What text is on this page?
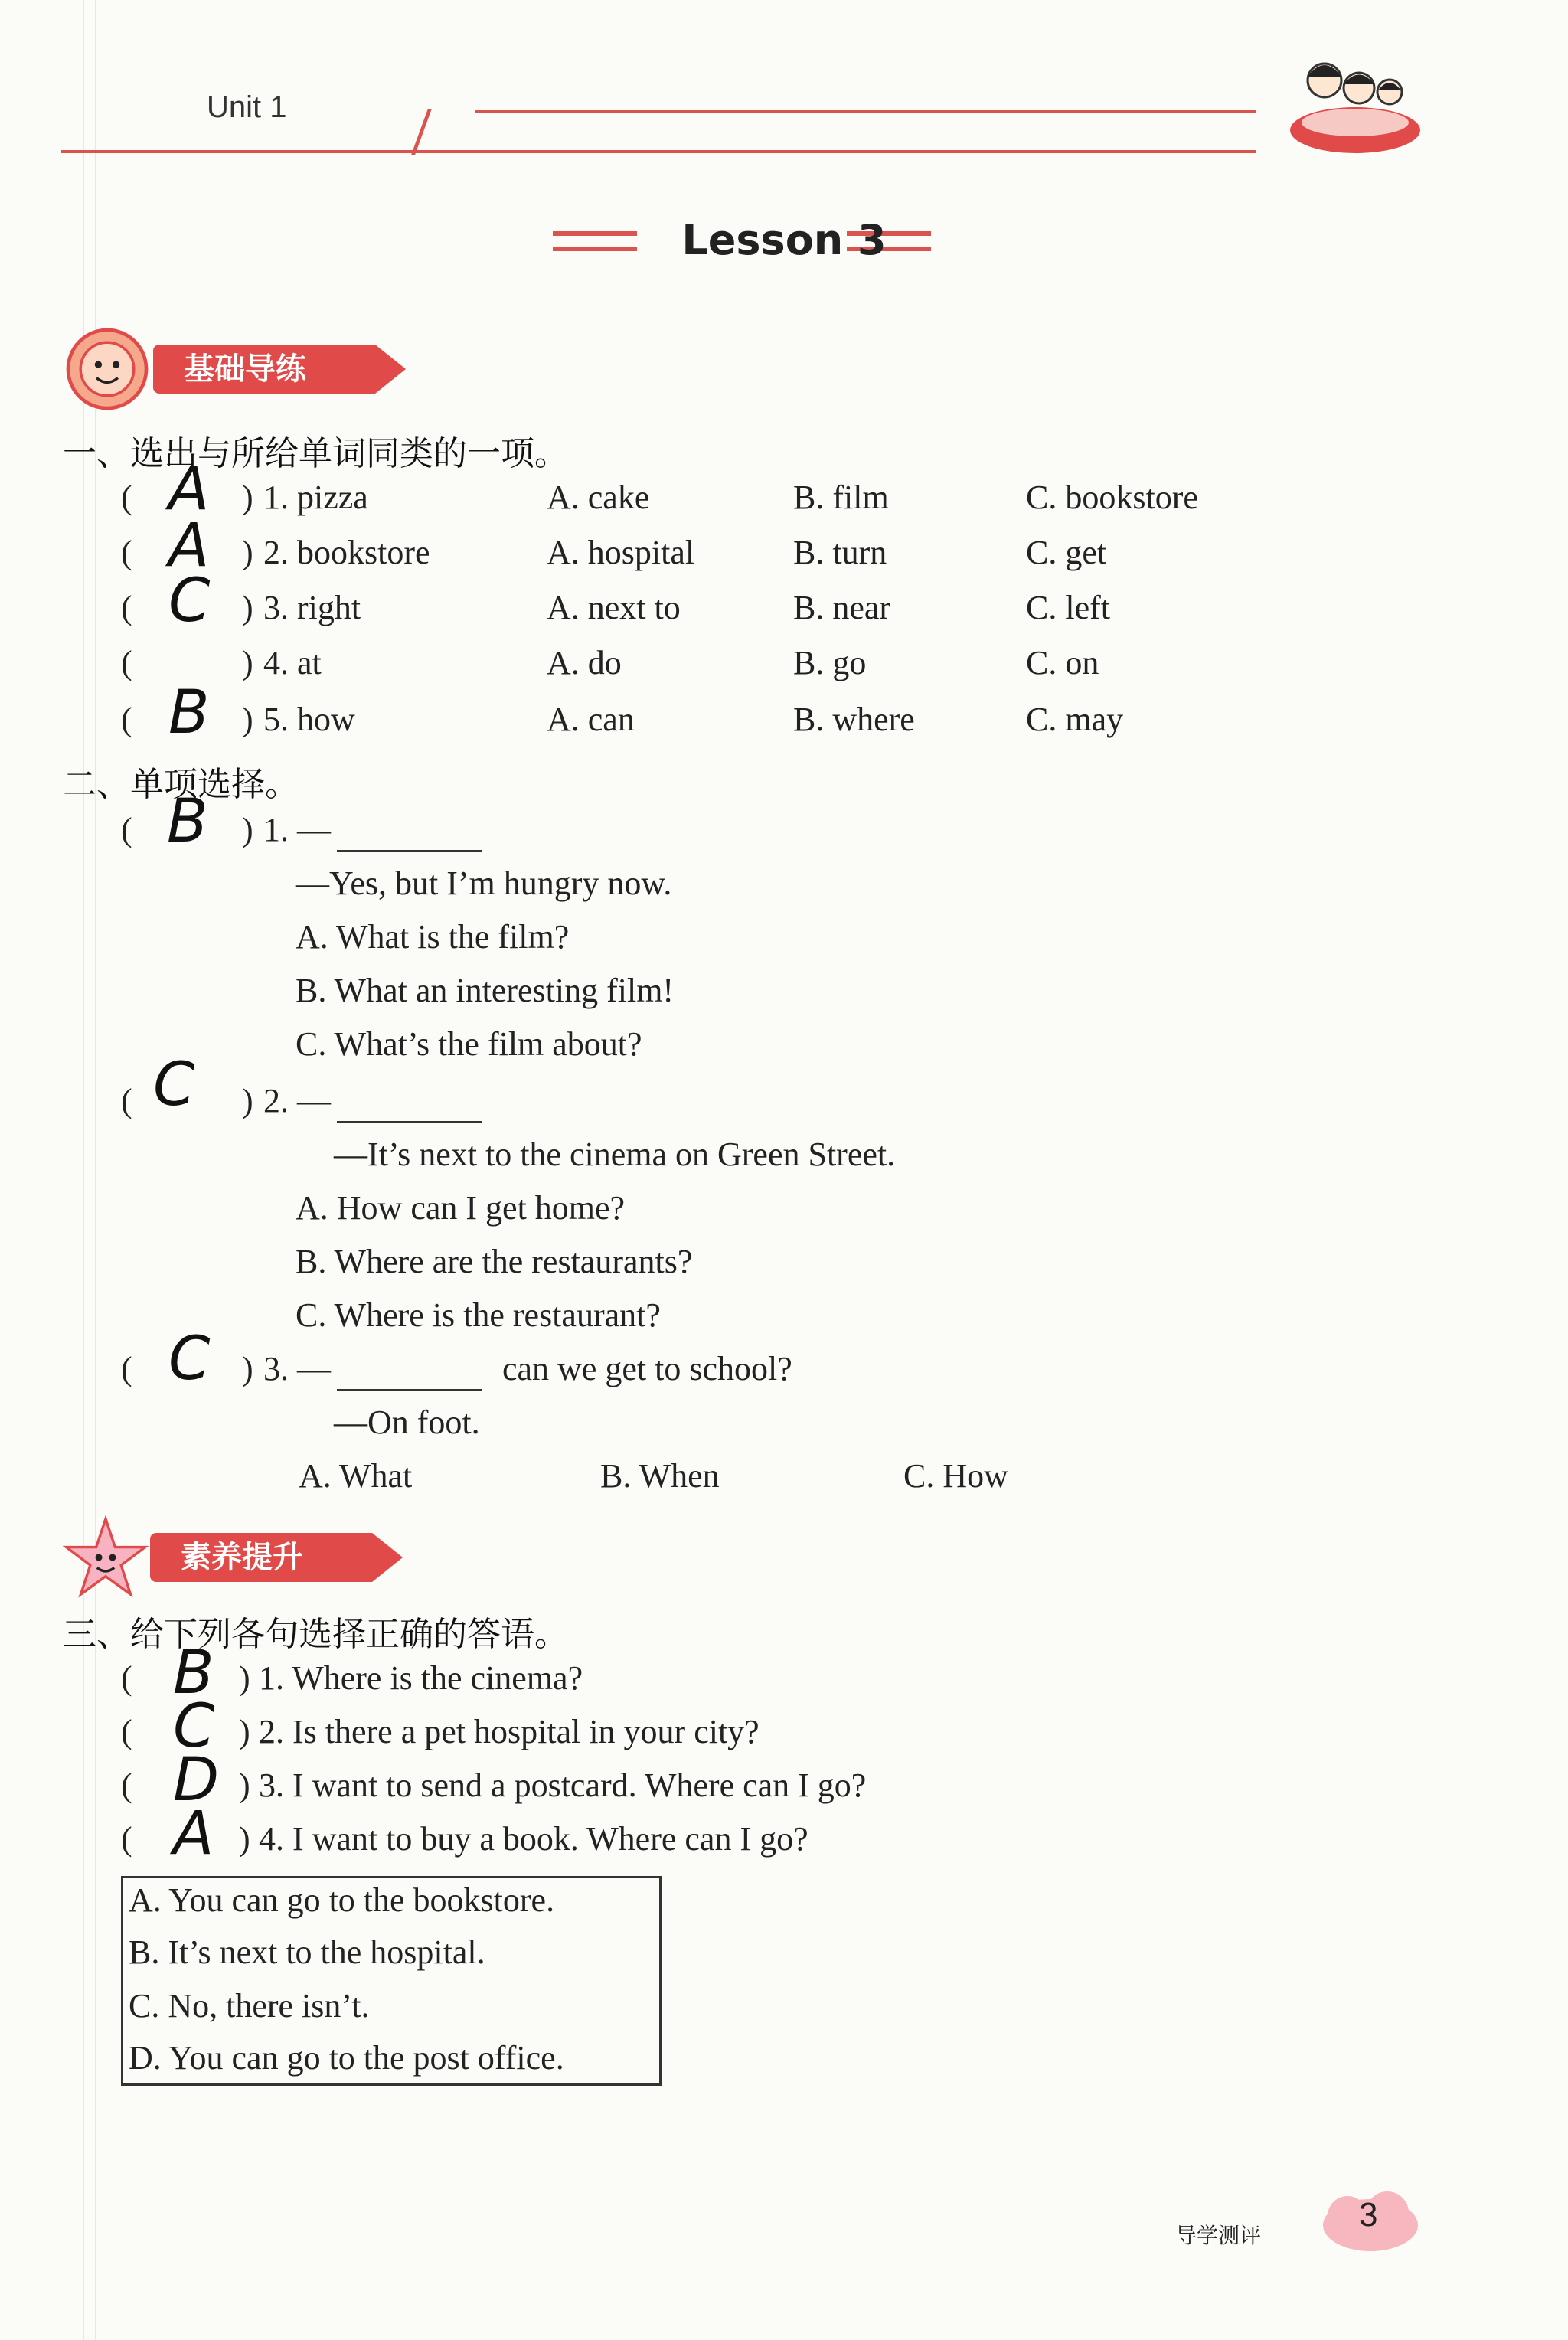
Unit 1
Lesson 3
基础导练
一、选出与所给单词同类的一项。
( A ) 1. pizza	A. cake	B. film	C. bookstore
( A ) 2. bookstore	A. hospital	B. turn	C. get
( C ) 3. right	A. next to	B. near	C. left
(	) 4. at	A. do	B. go	C. on
( B ) 5. how	A. can	B. where	C. may
二、单项选择。
( B ) 1. —
—Yes, but I’m hungry now.
A. What is the film?
B. What an interesting film!
C. What’s the film about?
( C ) 2. —
—It’s next to the cinema on Green Street.
A. How can I get home?
B. Where are the restaurants?
C. Where is the restaurant?
( C ) 3. —	can we get to school?
—On foot.
A. What	B. When	C. How
素养提升
三、给下列各句选择正确的答语。
( B ) 1. Where is the cinema?
( C ) 2. Is there a pet hospital in your city?
( D ) 3. I want to send a postcard. Where can I go?
( A ) 4. I want to buy a book. Where can I go?
A. You can go to the bookstore.
B. It’s next to the hospital.
C. No, there isn’t.
D. You can go to the post office.
导学测评
3
